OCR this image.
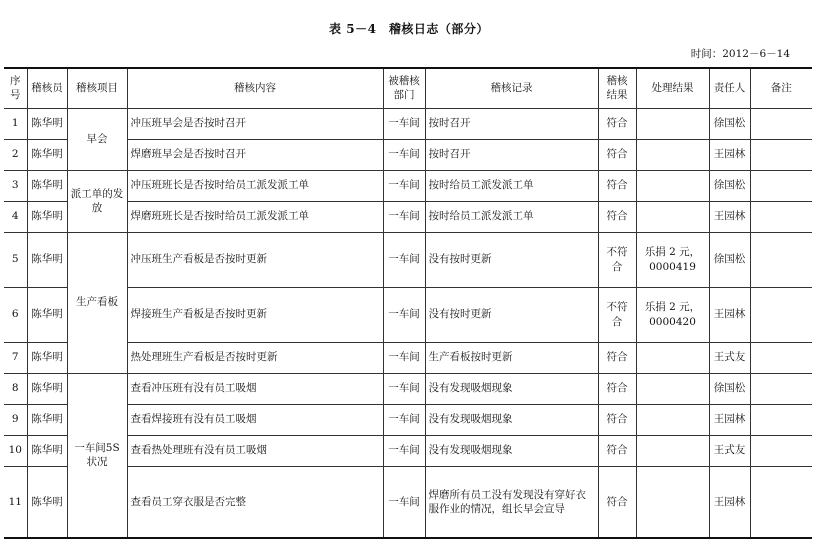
表 5－4　稽核日志（部分）
时间：2012－6－14
序号	稽核员	稽核项目	稽核内容	被稽核部门	稽核记录	稽核结果	处理结果	责任人	备注
1	陈华明	早会	冲压班早会是否按时召开	一车间	按时召开	符合		徐国松	
2	陈华明		焊磨班早会是否按时召开	一车间	按时召开	符合		王园林	
3	陈华明	派工单的发放	冲压班班长是否按时给员工派发派工单	一车间	按时给员工派发派工单	符合		徐国松	
4	陈华明		焊磨班班长是否按时给员工派发派工单	一车间	按时给员工派发派工单	符合		王园林	
5	陈华明	生产看板	冲压班生产看板是否按时更新	一车间	没有按时更新	不符合	乐捐 2 元，
0000419	徐国松	
6	陈华明		焊接班生产看板是否按时更新	一车间	没有按时更新	不符合	乐捐 2 元，
0000420	王园林	
7	陈华明		热处理班生产看板是否按时更新	一车间	生产看板按时更新	符合		王式友	
8	陈华明	一车间5S状况	查看冲压班有没有员工吸烟	一车间	没有发现吸烟现象	符合		徐国松	
9	陈华明		查看焊接班有没有员工吸烟	一车间	没有发现吸烟现象	符合		王园林	
10	陈华明		查看热处理班有没有员工吸烟	一车间	没有发现吸烟现象	符合		王式友	
11	陈华明		查看员工穿衣服是否完整	一车间	焊磨所有员工没有发现没有穿好衣服作业的情况，组长早会宣导	符合		王园林	
